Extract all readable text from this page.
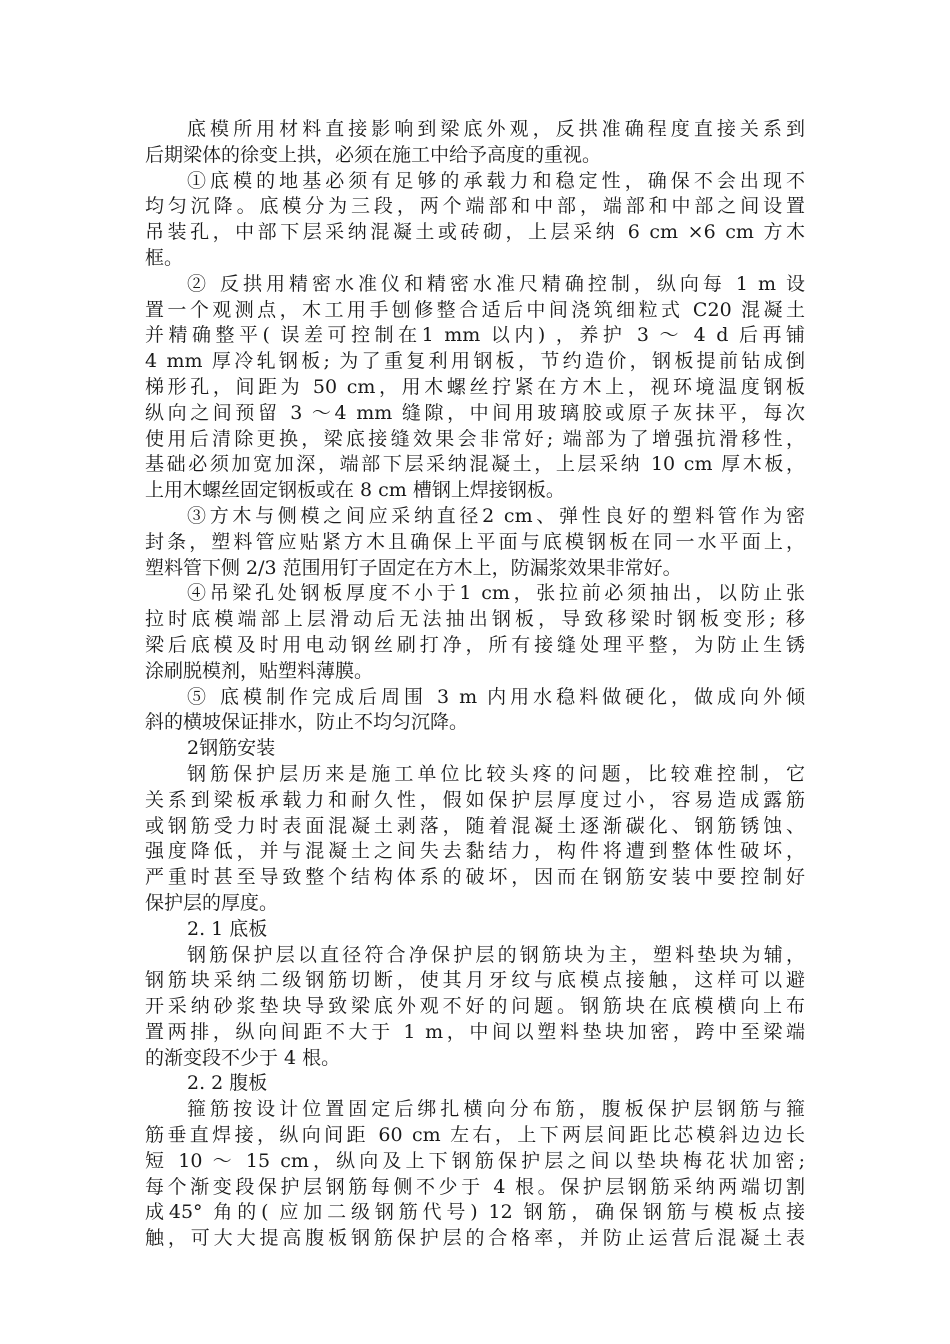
底模所用材料直接影响到梁底外观，反拱准确程度直接关系到
后期梁体的徐变上拱，必须在施工中给予高度的重视。
①底模的地基必须有足够的承载力和稳定性，确保不会出现不
均匀沉降。底模分为三段，两个端部和中部，端部和中部之间设置
吊装孔，中部下层采纳混凝土或砖砌，上层采纳 6 cm ×6 cm 方木
框。
② 反拱用精密水准仪和精密水准尺精确控制，纵向每 1 m 设
置一个观测点，木工用手刨修整合适后中间浇筑细粒式 C20 混凝土
并精确整平( 误差可控制在1 mm 以内) ，养护 3 ～ 4 d 后再铺
4 mm 厚冷轧钢板; 为了重复利用钢板，节约造价，钢板提前钻成倒
梯形孔，间距为 50 cm，用木螺丝拧紧在方木上，视环境温度钢板
纵向之间预留 3 ～4 mm 缝隙，中间用玻璃胶或原子灰抹平，每次
使用后清除更换，梁底接缝效果会非常好; 端部为了增强抗滑移性，
基础必须加宽加深，端部下层采纳混凝土，上层采纳 10 cm 厚木板，
上用木螺丝固定钢板或在 8 cm 槽钢上焊接钢板。
③方木与侧模之间应采纳直径2 cm、弹性良好的塑料管作为密
封条，塑料管应贴紧方木且确保上平面与底模钢板在同一水平面上，
塑料管下侧 2/3 范围用钉子固定在方木上，防漏浆效果非常好。
④吊梁孔处钢板厚度不小于1 cm，张拉前必须抽出，以防止张
拉时底模端部上层滑动后无法抽出钢板，导致移梁时钢板变形; 移
梁后底模及时用电动钢丝刷打净，所有接缝处理平整，为防止生锈
涂刷脱模剂，贴塑料薄膜。
⑤ 底模制作完成后周围 3 m 内用水稳料做硬化，做成向外倾
斜的横坡保证排水，防止不均匀沉降。
2钢筋安装
钢筋保护层历来是施工单位比较头疼的问题，比较难控制，它
关系到梁板承载力和耐久性，假如保护层厚度过小，容易造成露筋
或钢筋受力时表面混凝土剥落，随着混凝土逐渐碳化、钢筋锈蚀、
强度降低，并与混凝土之间失去黏结力，构件将遭到整体性破坏，
严重时甚至导致整个结构体系的破坏，因而在钢筋安装中要控制好
保护层的厚度。
2. 1 底板
钢筋保护层以直径符合净保护层的钢筋块为主，塑料垫块为辅，
钢筋块采纳二级钢筋切断，使其月牙纹与底模点接触，这样可以避
开采纳砂浆垫块导致梁底外观不好的问题。钢筋块在底模横向上布
置两排，纵向间距不大于 1 m，中间以塑料垫块加密，跨中至梁端
的渐变段不少于 4 根。
2. 2 腹板
箍筋按设计位置固定后绑扎横向分布筋，腹板保护层钢筋与箍
筋垂直焊接，纵向间距 60 cm 左右，上下两层间距比芯模斜边边长
短 10 ～ 15 cm，纵向及上下钢筋保护层之间以垫块梅花状加密;
每个渐变段保护层钢筋每侧不少于 4 根。保护层钢筋采纳两端切割
成45° 角的( 应加二级钢筋代号) 12 钢筋，确保钢筋与模板点接
触，可大大提高腹板钢筋保护层的合格率，并防止运营后混凝土表
